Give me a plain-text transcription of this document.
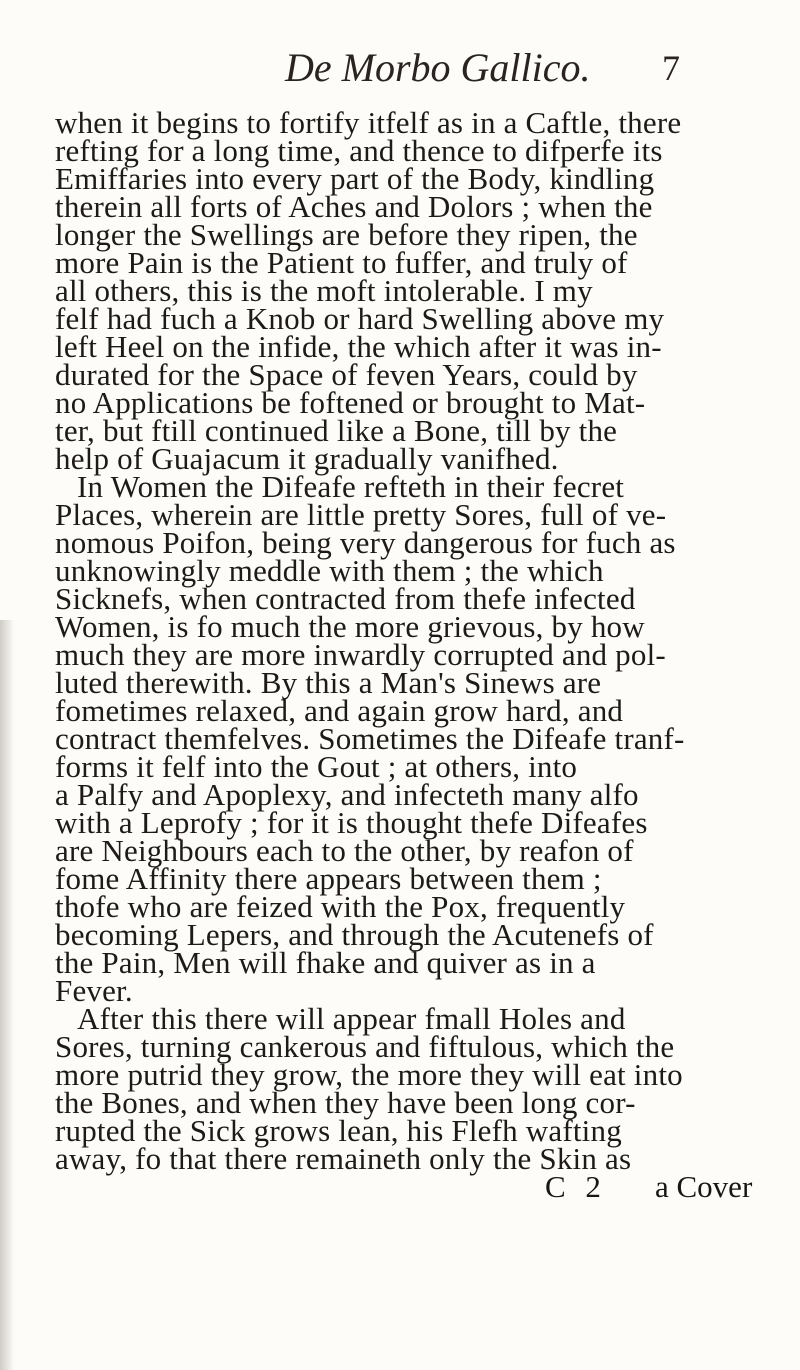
De Morbo Gallico. 7
when it begins to fortify itfelf as in a Caftle, there
refting for a long time, and thence to difperfe its
Emiffaries into every part of the Body, kindling
therein all forts of Aches and Dolors ; when the
longer the Swellings are before they ripen, the
more Pain is the Patient to fuffer, and truly of
all others, this is the moft intolerable. I my
felf had fuch a Knob or hard Swelling above my
left Heel on the infide, the which after it was in-
durated for the Space of feven Years, could by
no Applications be foftened or brought to Mat-
ter, but ftill continued like a Bone, till by the
help of Guajacum it gradually vanifhed.
In Women the Difeafe refteth in their fecret
Places, wherein are little pretty Sores, full of ve-
nomous Poifon, being very dangerous for fuch as
unknowingly meddle with them ; the which
Sicknefs, when contracted from thefe infected
Women, is fo much the more grievous, by how
much they are more inwardly corrupted and pol-
luted therewith. By this a Man's Sinews are
fometimes relaxed, and again grow hard, and
contract themfelves. Sometimes the Difeafe tranf-
forms it felf into the Gout ; at others, into
a Palfy and Apoplexy, and infecteth many alfo
with a Leprofy ; for it is thought thefe Difeafes
are Neighbours each to the other, by reafon of
fome Affinity there appears between them ;
thofe who are feized with the Pox, frequently
becoming Lepers, and through the Acutenefs of
the Pain, Men will fhake and quiver as in a
Fever.
After this there will appear fmall Holes and
Sores, turning cankerous and fiftulous, which the
more putrid they grow, the more they will eat into
the Bones, and when they have been long cor-
rupted the Sick grows lean, his Flefh wafting
away, fo that there remaineth only the Skin as
C 2 a Cover
